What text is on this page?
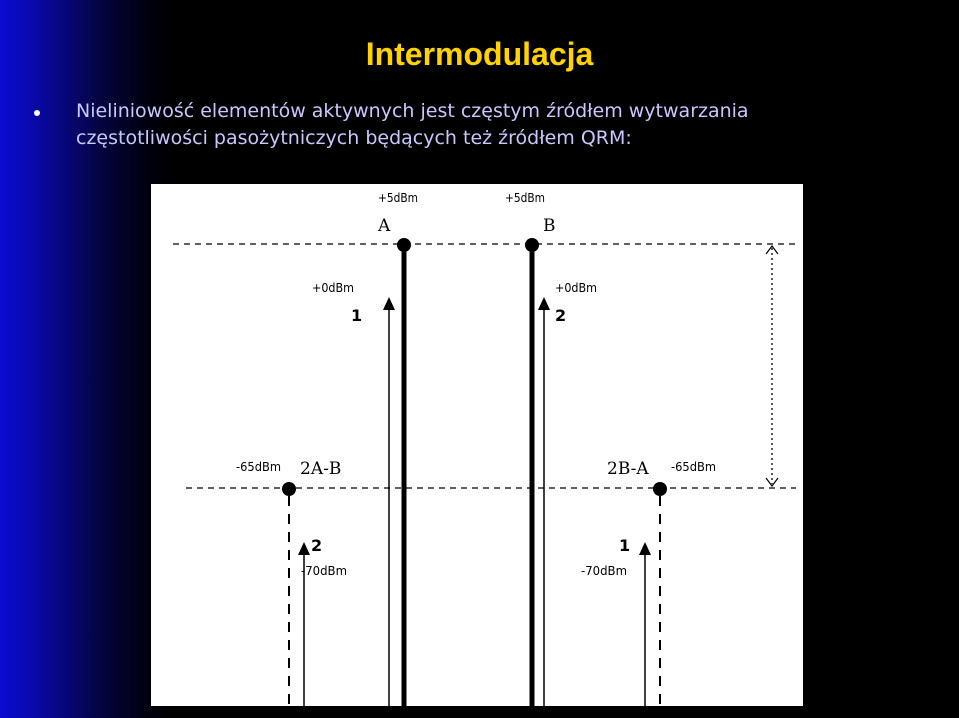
Intermodulacja
Nieliniowość elementów aktywnych jest częstym źródłem wytwarzania
częstotliwości pasożytniczych będących też źródłem QRM:
+5dBm
A
+5dBm
B
+0dBm
1
+0dBm
2
-65dBm 2A-B	-65dBm
2B-A
2
-70dBm
1
-70dBm
